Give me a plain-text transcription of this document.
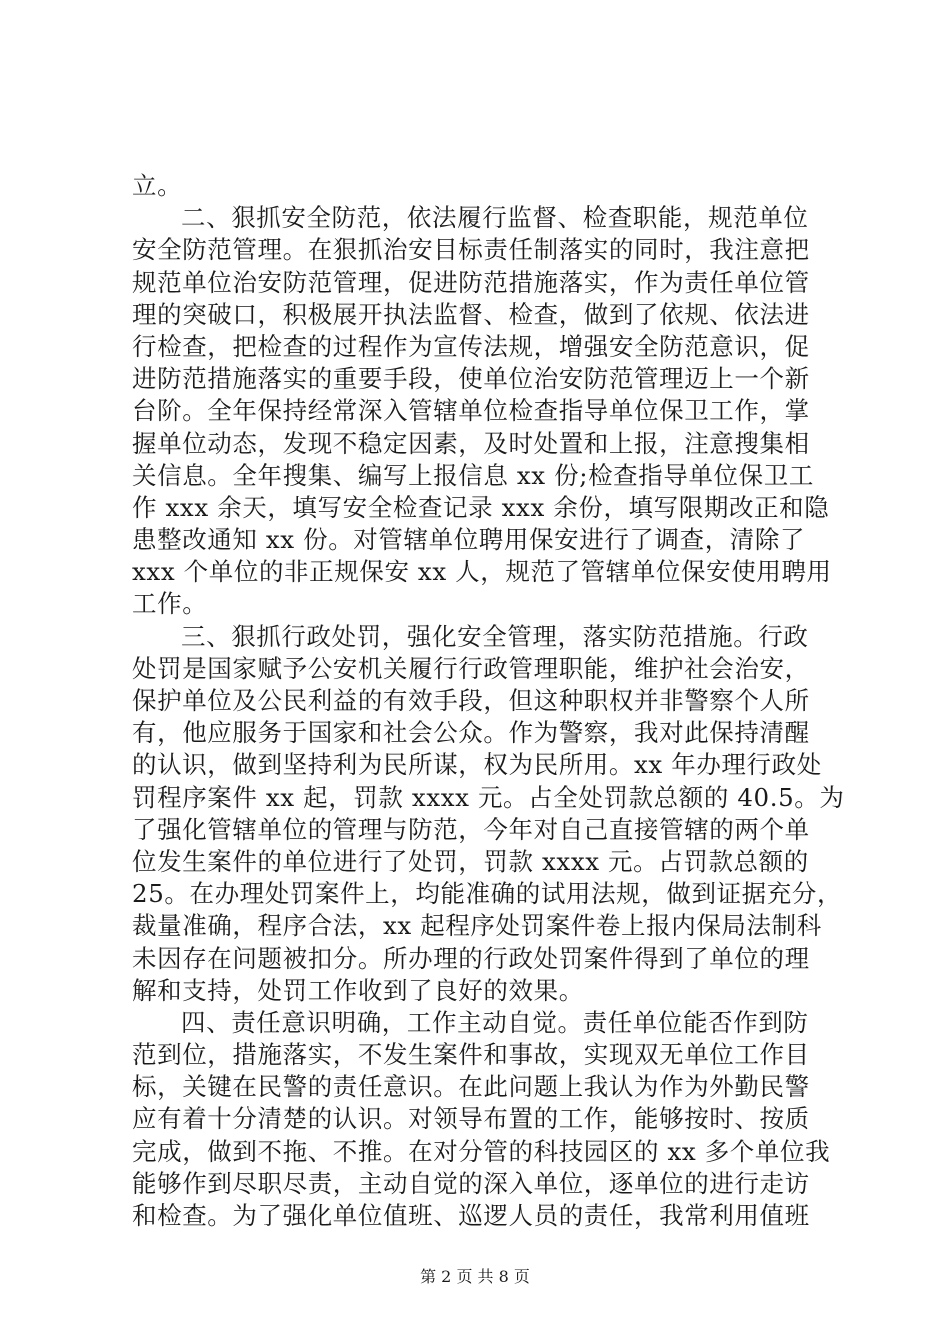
立。
二、狠抓安全防范，依法履行监督、检查职能，规范单位
安全防范管理。在狠抓治安目标责任制落实的同时，我注意把
规范单位治安防范管理，促进防范措施落实，作为责任单位管
理的突破口，积极展开执法监督、检查，做到了依规、依法进
行检查，把检查的过程作为宣传法规，增强安全防范意识，促
进防范措施落实的重要手段，使单位治安防范管理迈上一个新
台阶。全年保持经常深入管辖单位检查指导单位保卫工作，掌
握单位动态，发现不稳定因素，及时处置和上报，注意搜集相
关信息。全年搜集、编写上报信息 xx 份;检查指导单位保卫工
作 xxx 余天，填写安全检查记录 xxx 余份，填写限期改正和隐
患整改通知 xx 份。对管辖单位聘用保安进行了调查，清除了
xxx 个单位的非正规保安 xx 人，规范了管辖单位保安使用聘用
工作。
三、狠抓行政处罚，强化安全管理，落实防范措施。行政
处罚是国家赋予公安机关履行行政管理职能，维护社会治安，
保护单位及公民利益的有效手段，但这种职权并非警察个人所
有，他应服务于国家和社会公众。作为警察，我对此保持清醒
的认识，做到坚持利为民所谋，权为民所用。xx 年办理行政处
罚程序案件 xx 起，罚款 xxxx 元。占全处罚款总额的 40.5。为
了强化管辖单位的管理与防范，今年对自己直接管辖的两个单
位发生案件的单位进行了处罚，罚款 xxxx 元。占罚款总额的
25。在办理处罚案件上，均能准确的试用法规，做到证据充分，
裁量准确，程序合法，xx 起程序处罚案件卷上报内保局法制科
未因存在问题被扣分。所办理的行政处罚案件得到了单位的理
解和支持，处罚工作收到了良好的效果。
四、责任意识明确，工作主动自觉。责任单位能否作到防
范到位，措施落实，不发生案件和事故，实现双无单位工作目
标，关键在民警的责任意识。在此问题上我认为作为外勤民警
应有着十分清楚的认识。对领导布置的工作，能够按时、按质
完成，做到不拖、不推。在对分管的科技园区的 xx 多个单位我
能够作到尽职尽责，主动自觉的深入单位，逐单位的进行走访
和检查。为了强化单位值班、巡逻人员的责任，我常利用值班
第 2 页 共 8 页
